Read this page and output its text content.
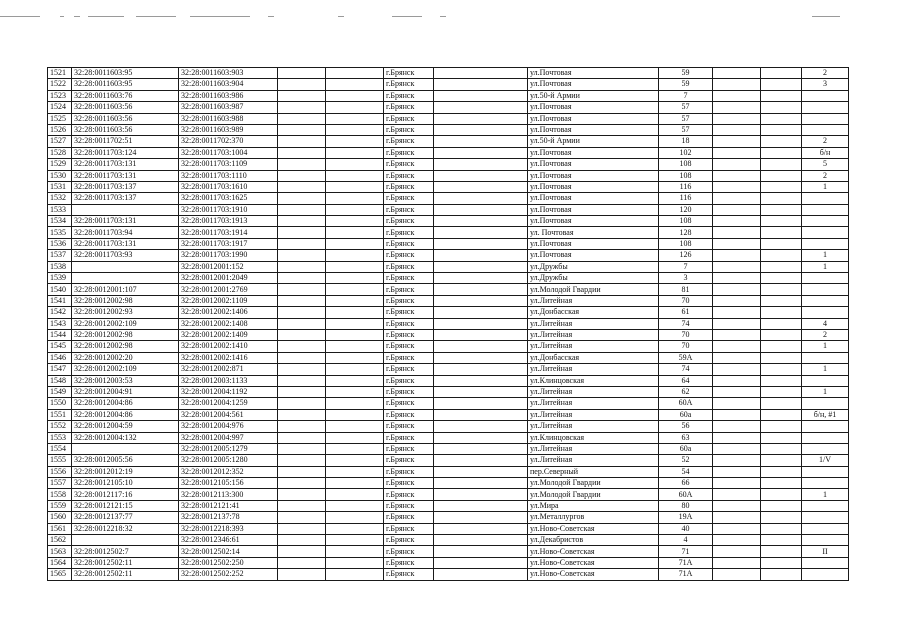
1521	32:28:0011603:95	32:28:0011603:903			г.Брянск		ул.Почтовая	59			2
1522	32:28:0011603:95	32:28:0011603:904			г.Брянск		ул.Почтовая	59			3
1523	32:28:0011603:76	32:28:0011603:986			г.Брянск		ул.50-й Армии	7			
1524	32:28:0011603:56	32:28:0011603:987			г.Брянск		ул.Почтовая	57			
1525	32:28:0011603:56	32:28:0011603:988			г.Брянск		ул.Почтовая	57			
1526	32:28:0011603:56	32:28:0011603:989			г.Брянск		ул.Почтовая	57			
1527	32:28:0011702:51	32:28:0011702:370			г.Брянск		ул.50-й Армии	18			2
1528	32:28:0011703:124	32:28:0011703:1004			г.Брянск		ул.Почтовая	102			б/н
1529	32:28:0011703:131	32:28:0011703:1109			г.Брянск		ул.Почтовая	108			5
1530	32:28:0011703:131	32:28:0011703:1110			г.Брянск		ул.Почтовая	108			2
1531	32:28:0011703:137	32:28:0011703:1610			г.Брянск		ул.Почтовая	116			1
1532	32:28:0011703:137	32:28:0011703:1625			г.Брянск		ул.Почтовая	116			
1533		32:28:0011703:1910			г.Брянск		ул.Почтовая	120			
1534	32:28:0011703:131	32:28:0011703:1913			г.Брянск		ул.Почтовая	108			
1535	32:28:0011703:94	32:28:0011703:1914			г.Брянск		ул. Почтовая	128			
1536	32:28:0011703:131	32:28:0011703:1917			г.Брянск		ул.Почтовая	108			
1537	32:28:0011703:93	32:28:0011703:1990			г.Брянск		ул.Почтовая	126			1
1538		32:28:0012001:152			г.Брянск		ул.Дружбы	7			1
1539		32:28:0012001:2049			г.Брянск		ул.Дружбы	3			
1540	32:28:0012001:107	32:28:0012001:2769			г.Брянск		ул.Молодой Гвардии	81			
1541	32:28:0012002:98	32:28:0012002:1109			г.Брянск		ул.Литейная	70			
1542	32:28:0012002:93	32:28:0012002:1406			г.Брянск		ул.Донбасская	61			
1543	32:28:0012002:109	32:28:0012002:1408			г.Брянск		ул.Литейная	74			4
1544	32:28:0012002:98	32:28:0012002:1409			г.Брянск		ул.Литейная	70			2
1545	32:28:0012002:98	32:28:0012002:1410			г.Брянск		ул.Литейная	70			1
1546	32:28:0012002:20	32:28:0012002:1416			г.Брянск		ул.Донбасская	59А			
1547	32:28:0012002:109	32:28:0012002:871			г.Брянск		ул.Литейная	74			1
1548	32:28:0012003:53	32:28:0012003:1133			г.Брянск		ул.Клинцовская	64			
1549	32:28:0012004:91	32:28:0012004:1192			г.Брянск		ул.Литейная	62			1
1550	32:28:0012004:86	32:28:0012004:1259			г.Брянск		ул.Литейная	60А			
1551	32:28:0012004:86	32:28:0012004:561			г.Брянск		ул.Литейная	60а			б/н, #1
1552	32:28:0012004:59	32:28:0012004:976			г.Брянск		ул.Литейная	56			
1553	32:28:0012004:132	32:28:0012004:997			г.Брянск		ул.Клинцовская	63			
1554		32:28:0012005:1279			г.Брянск		ул.Литейная	60а			
1555	32:28:0012005:56	32:28:0012005:1280			г.Брянск		ул.Литейная	52			1/V
1556	32:28:0012012:19	32:28:0012012:352			г.Брянск		пер.Северный	54			
1557	32:28:0012105:10	32:28:0012105:156			г.Брянск		ул.Молодой Гвардии	66			
1558	32:28:0012117:16	32:28:0012113:300			г.Брянск		ул.Молодой Гвардии	60А			1
1559	32:28:0012121:15	32:28:0012121:41			г.Брянск		ул.Мира	80			
1560	32:28:0012137:77	32:28:0012137:78			г.Брянск		ул.Металлургов	19А			
1561	32:28:0012218:32	32:28:0012218:393			г.Брянск		ул.Ново-Советская	40			
1562		32:28:0012346:61			г.Брянск		ул.Декабристов	4			
1563	32:28:0012502:7	32:28:0012502:14			г.Брянск		ул.Ново-Советская	71			II
1564	32:28:0012502:11	32:28:0012502:250			г.Брянск		ул.Ново-Советская	71А			
1565	32:28:0012502:11	32:28:0012502:252			г.Брянск		ул.Ново-Советская	71А			
